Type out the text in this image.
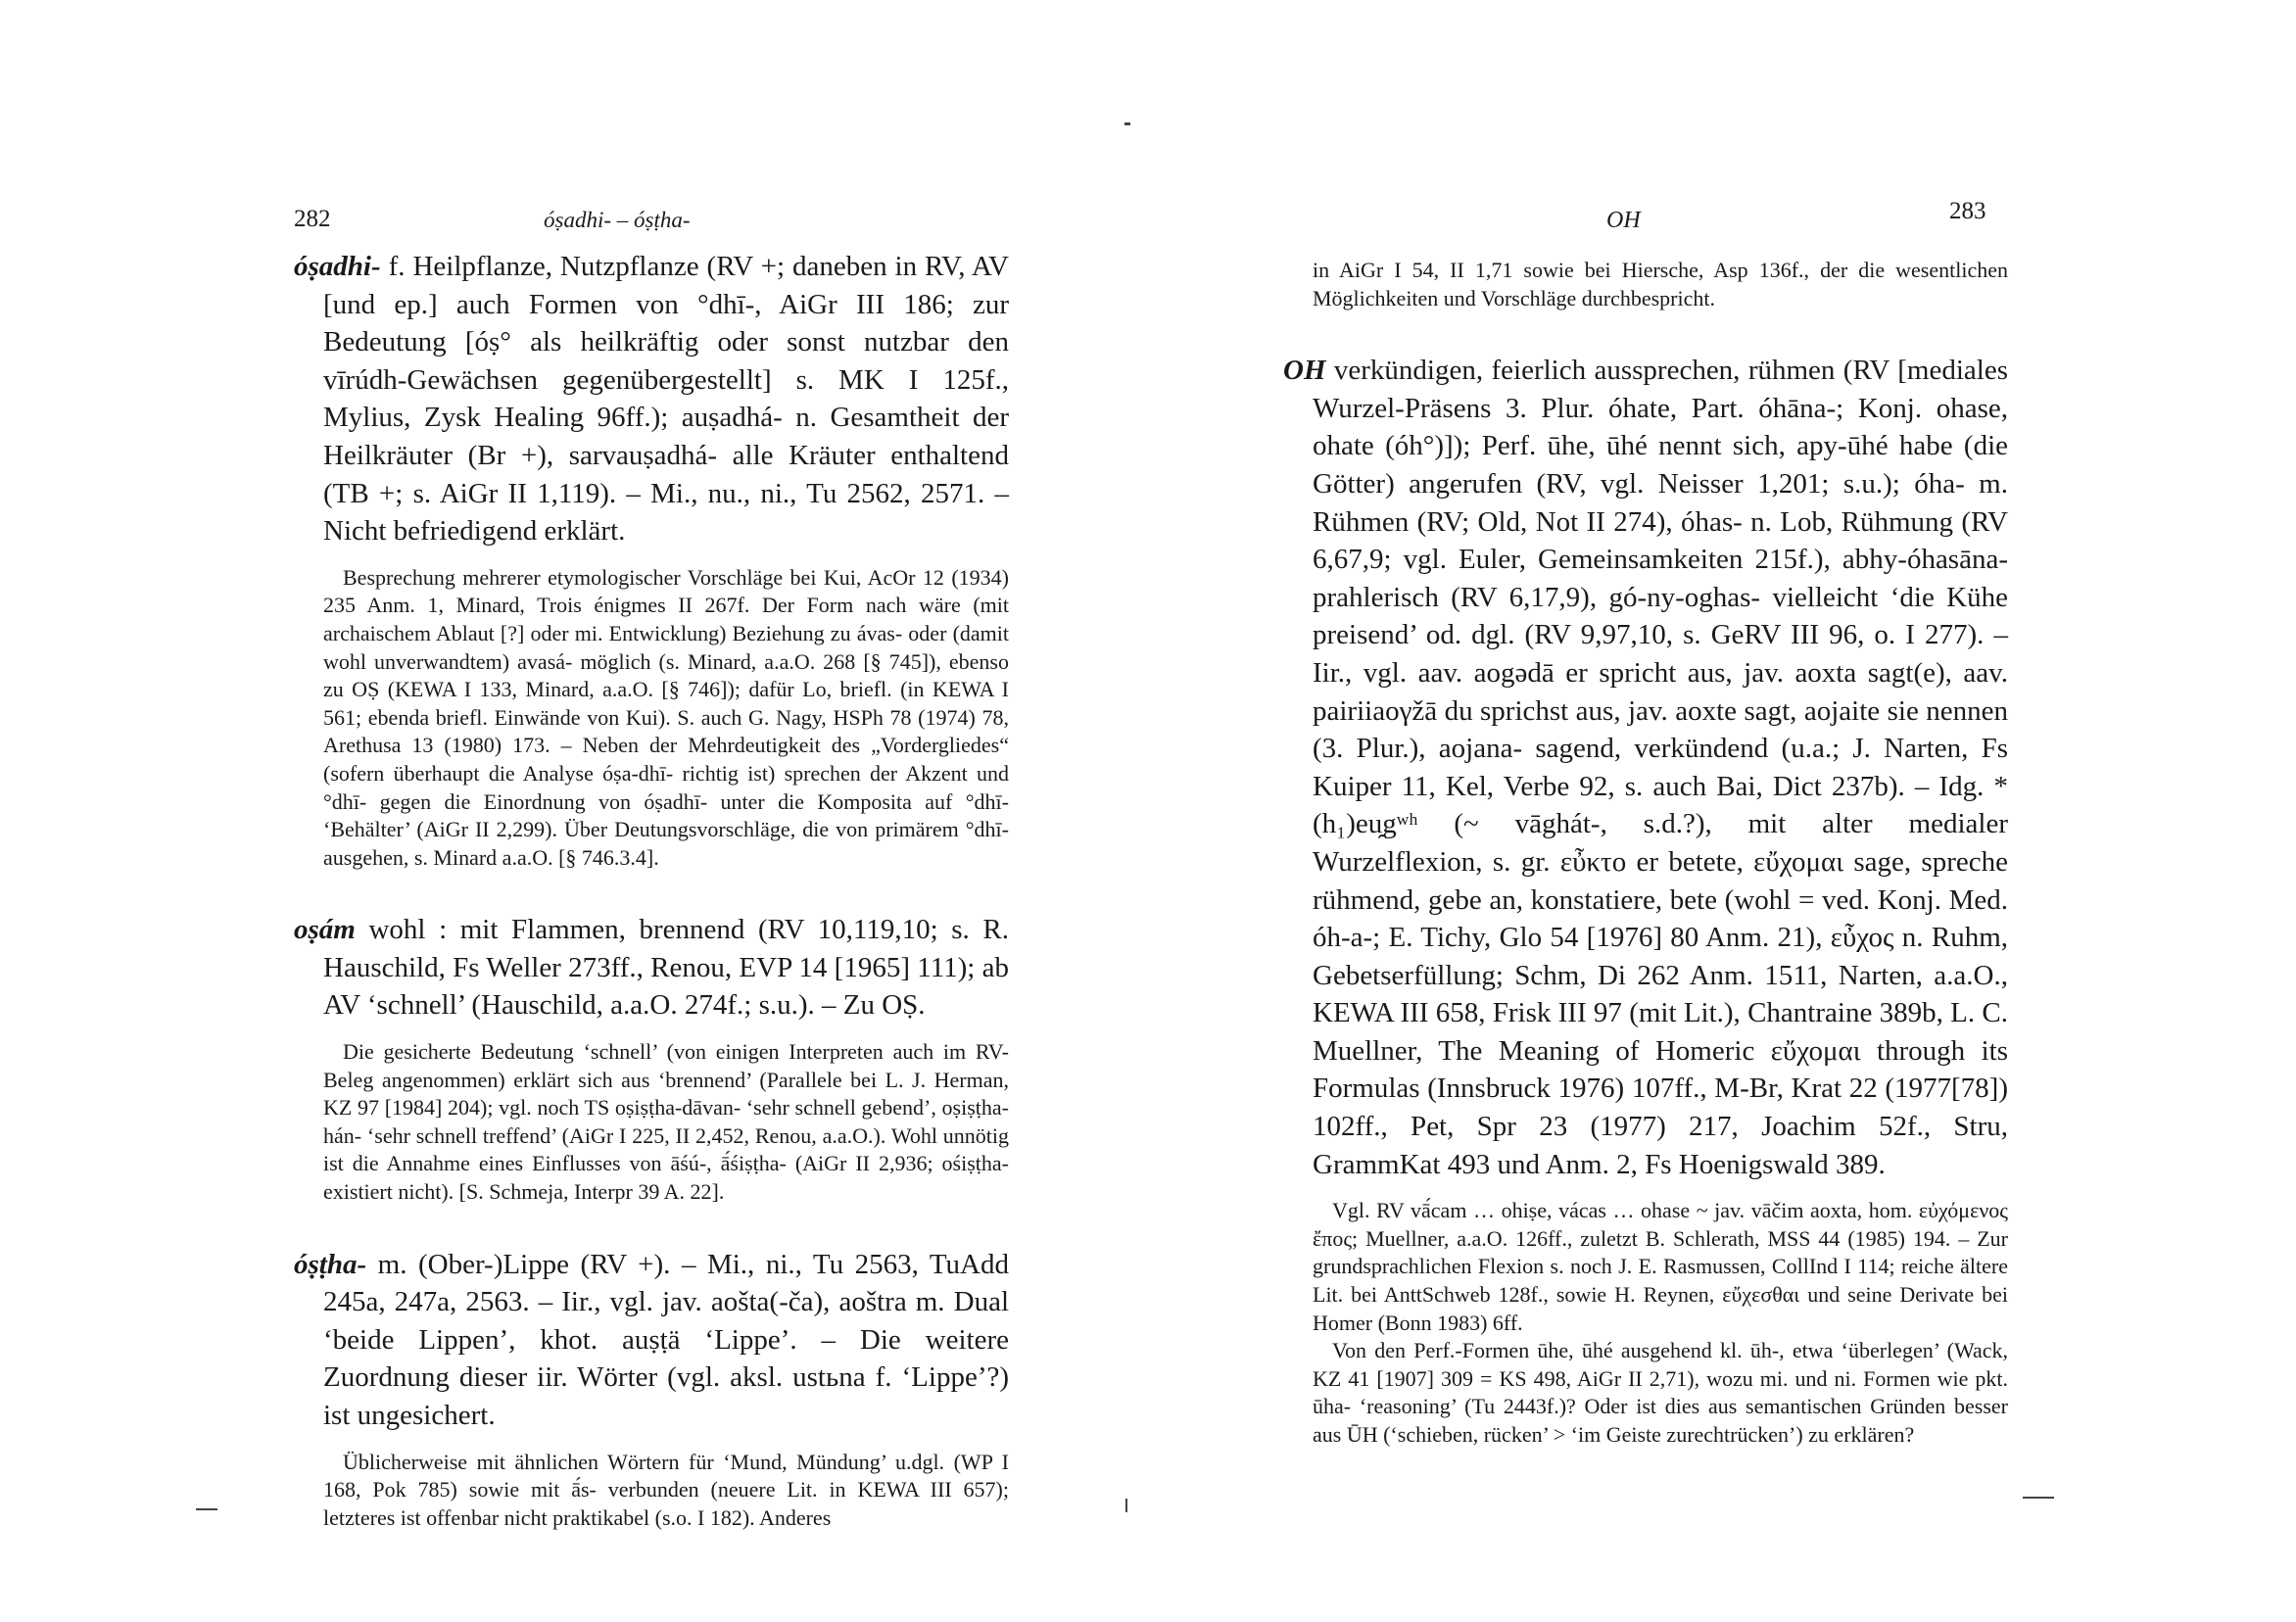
282	óṣadhi- – óṣṭha-
óṣadhi- f. Heilpflanze, Nutzpflanze (RV +; daneben in RV, AV [und ep.] auch Formen von °dhī-, AiGr III 186; zur Bedeutung [óṣ° als heilkräftig oder sonst nutzbar den vīrúdh-Gewächsen gegenübergestellt] s. MK I 125f., Mylius, Zysk Healing 96ff.); auṣadhá- n. Gesamtheit der Heilkräuter (Br +), sarvauṣadhá- alle Kräuter enthaltend (TB +; s. AiGr II 1,119). – Mi., nu., ni., Tu 2562, 2571. – Nicht befriedigend erklärt.

Besprechung mehrerer etymologischer Vorschläge bei Kui, AcOr 12 (1934) 235 Anm. 1, Minard, Trois énigmes II 267f. Der Form nach wäre (mit archaischem Ablaut [?] oder mi. Entwicklung) Beziehung zu ávas- oder (damit wohl unverwandtem) avasá- möglich (s. Minard, a.a.O. 268 [§ 745]), ebenso zu OṢ (KEWA I 133, Minard, a.a.O. [§ 746]); dafür Lo, briefl. (in KEWA I 561; ebenda briefl. Einwände von Kui). S. auch G. Nagy, HSPh 78 (1974) 78, Arethusa 13 (1980) 173. – Neben der Mehrdeutigkeit des „Vordergliedes“ (sofern überhaupt die Analyse óṣa-dhī- richtig ist) sprechen der Akzent und °dhī- gegen die Einordnung von óṣadhī- unter die Komposita auf °dhī- ‘Behälter’ (AiGr II 2,299). Über Deutungsvorschläge, die von primärem °dhī- ausgehen, s. Minard a.a.O. [§ 746.3.4].

oṣám wohl : mit Flammen, brennend (RV 10,119,10; s. R. Hauschild, Fs Weller 273ff., Renou, EVP 14 [1965] 111); ab AV ‘schnell’ (Hauschild, a.a.O. 274f.; s.u.). – Zu OṢ.

Die gesicherte Bedeutung ‘schnell’ (von einigen Interpreten auch im RV-Beleg angenommen) erklärt sich aus ‘brennend’ (Parallele bei L. J. Herman, KZ 97 [1984] 204); vgl. noch TS oṣiṣṭha-dāvan- ‘sehr schnell gebend’, oṣiṣṭha-hán- ‘sehr schnell treffend’ (AiGr I 225, II 2,452, Renou, a.a.O.). Wohl unnötig ist die Annahme eines Einflusses von āśú-, ā́śiṣṭha- (AiGr II 2,936; ośiṣṭha- existiert nicht). [S. Schmeja, Interpr 39 A. 22].

óṣṭha- m. (Ober-)Lippe (RV +). – Mi., ni., Tu 2563, TuAdd 245a, 247a, 2563. – Iir., vgl. jav. aošta(-ča), aoštra m. Dual ‘beide Lippen’, khot. auṣṭä ‘Lippe’. – Die weitere Zuordnung dieser iir. Wörter (vgl. aksl. ustьna f. ‘Lippe’?) ist ungesichert.

Üblicherweise mit ähnlichen Wörtern für ‘Mund, Mündung’ u.dgl. (WP I 168, Pok 785) sowie mit ā́s- verbunden (neuere Lit. in KEWA III 657); letzteres ist offenbar nicht praktikabel (s.o. I 182). Anderes

OH	283

in AiGr I 54, II 1,71 sowie bei Hiersche, Asp 136f., der die wesentlichen Möglichkeiten und Vorschläge durchbespricht.

OH verkündigen, feierlich aussprechen, rühmen (RV [mediales Wurzel-Präsens 3. Plur. óhate, Part. óhāna-; Konj. ohase, ohate (óh°)]); Perf. ūhe, ūhé nennt sich, apy-ūhé habe (die Götter) angerufen (RV, vgl. Neisser 1,201; s.u.); óha- m. Rühmen (RV; Old, Not II 274), óhas- n. Lob, Rühmung (RV 6,67,9; vgl. Euler, Gemeinsamkeiten 215f.), abhy-óhasāna- prahlerisch (RV 6,17,9), gó-ny-oghas- vielleicht ‘die Kühe preisend’ od. dgl. (RV 9,97,10, s. GeRV III 96, o. I 277). – Iir., vgl. aav. aogədā er spricht aus, jav. aoxta sagt(e), aav. pairiiaoγžā du sprichst aus, jav. aoxte sagt, aojaite sie nennen (3. Plur.), aojana- sagend, verkündend (u.a.; J. Narten, Fs Kuiper 11, Kel, Verbe 92, s. auch Bai, Dict 237b). – Idg. *(h₁)eu̯gʷʰ (~ vāghát-, s.d.?), mit alter medialer Wurzelflexion, s. gr. εὖκτο er betete, εὔχομαι sage, spreche rühmend, gebe an, konstatiere, bete (wohl = ved. Konj. Med. óh-a-; E. Tichy, Glo 54 [1976] 80 Anm. 21), εὖχος n. Ruhm, Gebetserfüllung; Schm, Di 262 Anm. 1511, Narten, a.a.O., KEWA III 658, Frisk III 97 (mit Lit.), Chantraine 389b, L. C. Muellner, The Meaning of Homeric εὔχομαι through its Formulas (Innsbruck 1976) 107ff., M-Br, Krat 22 (1977[78]) 102ff., Pet, Spr 23 (1977) 217, Joachim 52f., Stru, GrammKat 493 und Anm. 2, Fs Hoenigswald 389.

Vgl. RV vā́cam … ohiṣe, vácas … ohase ~ jav. vāčim aoxta, hom. εὐχόμενος ἔπος; Muellner, a.a.O. 126ff., zuletzt B. Schlerath, MSS 44 (1985) 194. – Zur grundsprachlichen Flexion s. noch J. E. Rasmussen, CollInd I 114; reiche ältere Lit. bei AnttSchweb 128f., sowie H. Reynen, εὔχεσθαι und seine Derivate bei Homer (Bonn 1983) 6ff.

Von den Perf.-Formen ūhe, ūhé ausgehend kl. ūh-, etwa ‘überlegen’ (Wack, KZ 41 [1907] 309 = KS 498, AiGr II 2,71), wozu mi. und ni. Formen wie pkt. ūha- ‘reasoning’ (Tu 2443f.)? Oder ist dies aus semantischen Gründen besser aus ŪH (‘schieben, rücken’ > ‘im Geiste zurechtrücken’) zu erklären?
